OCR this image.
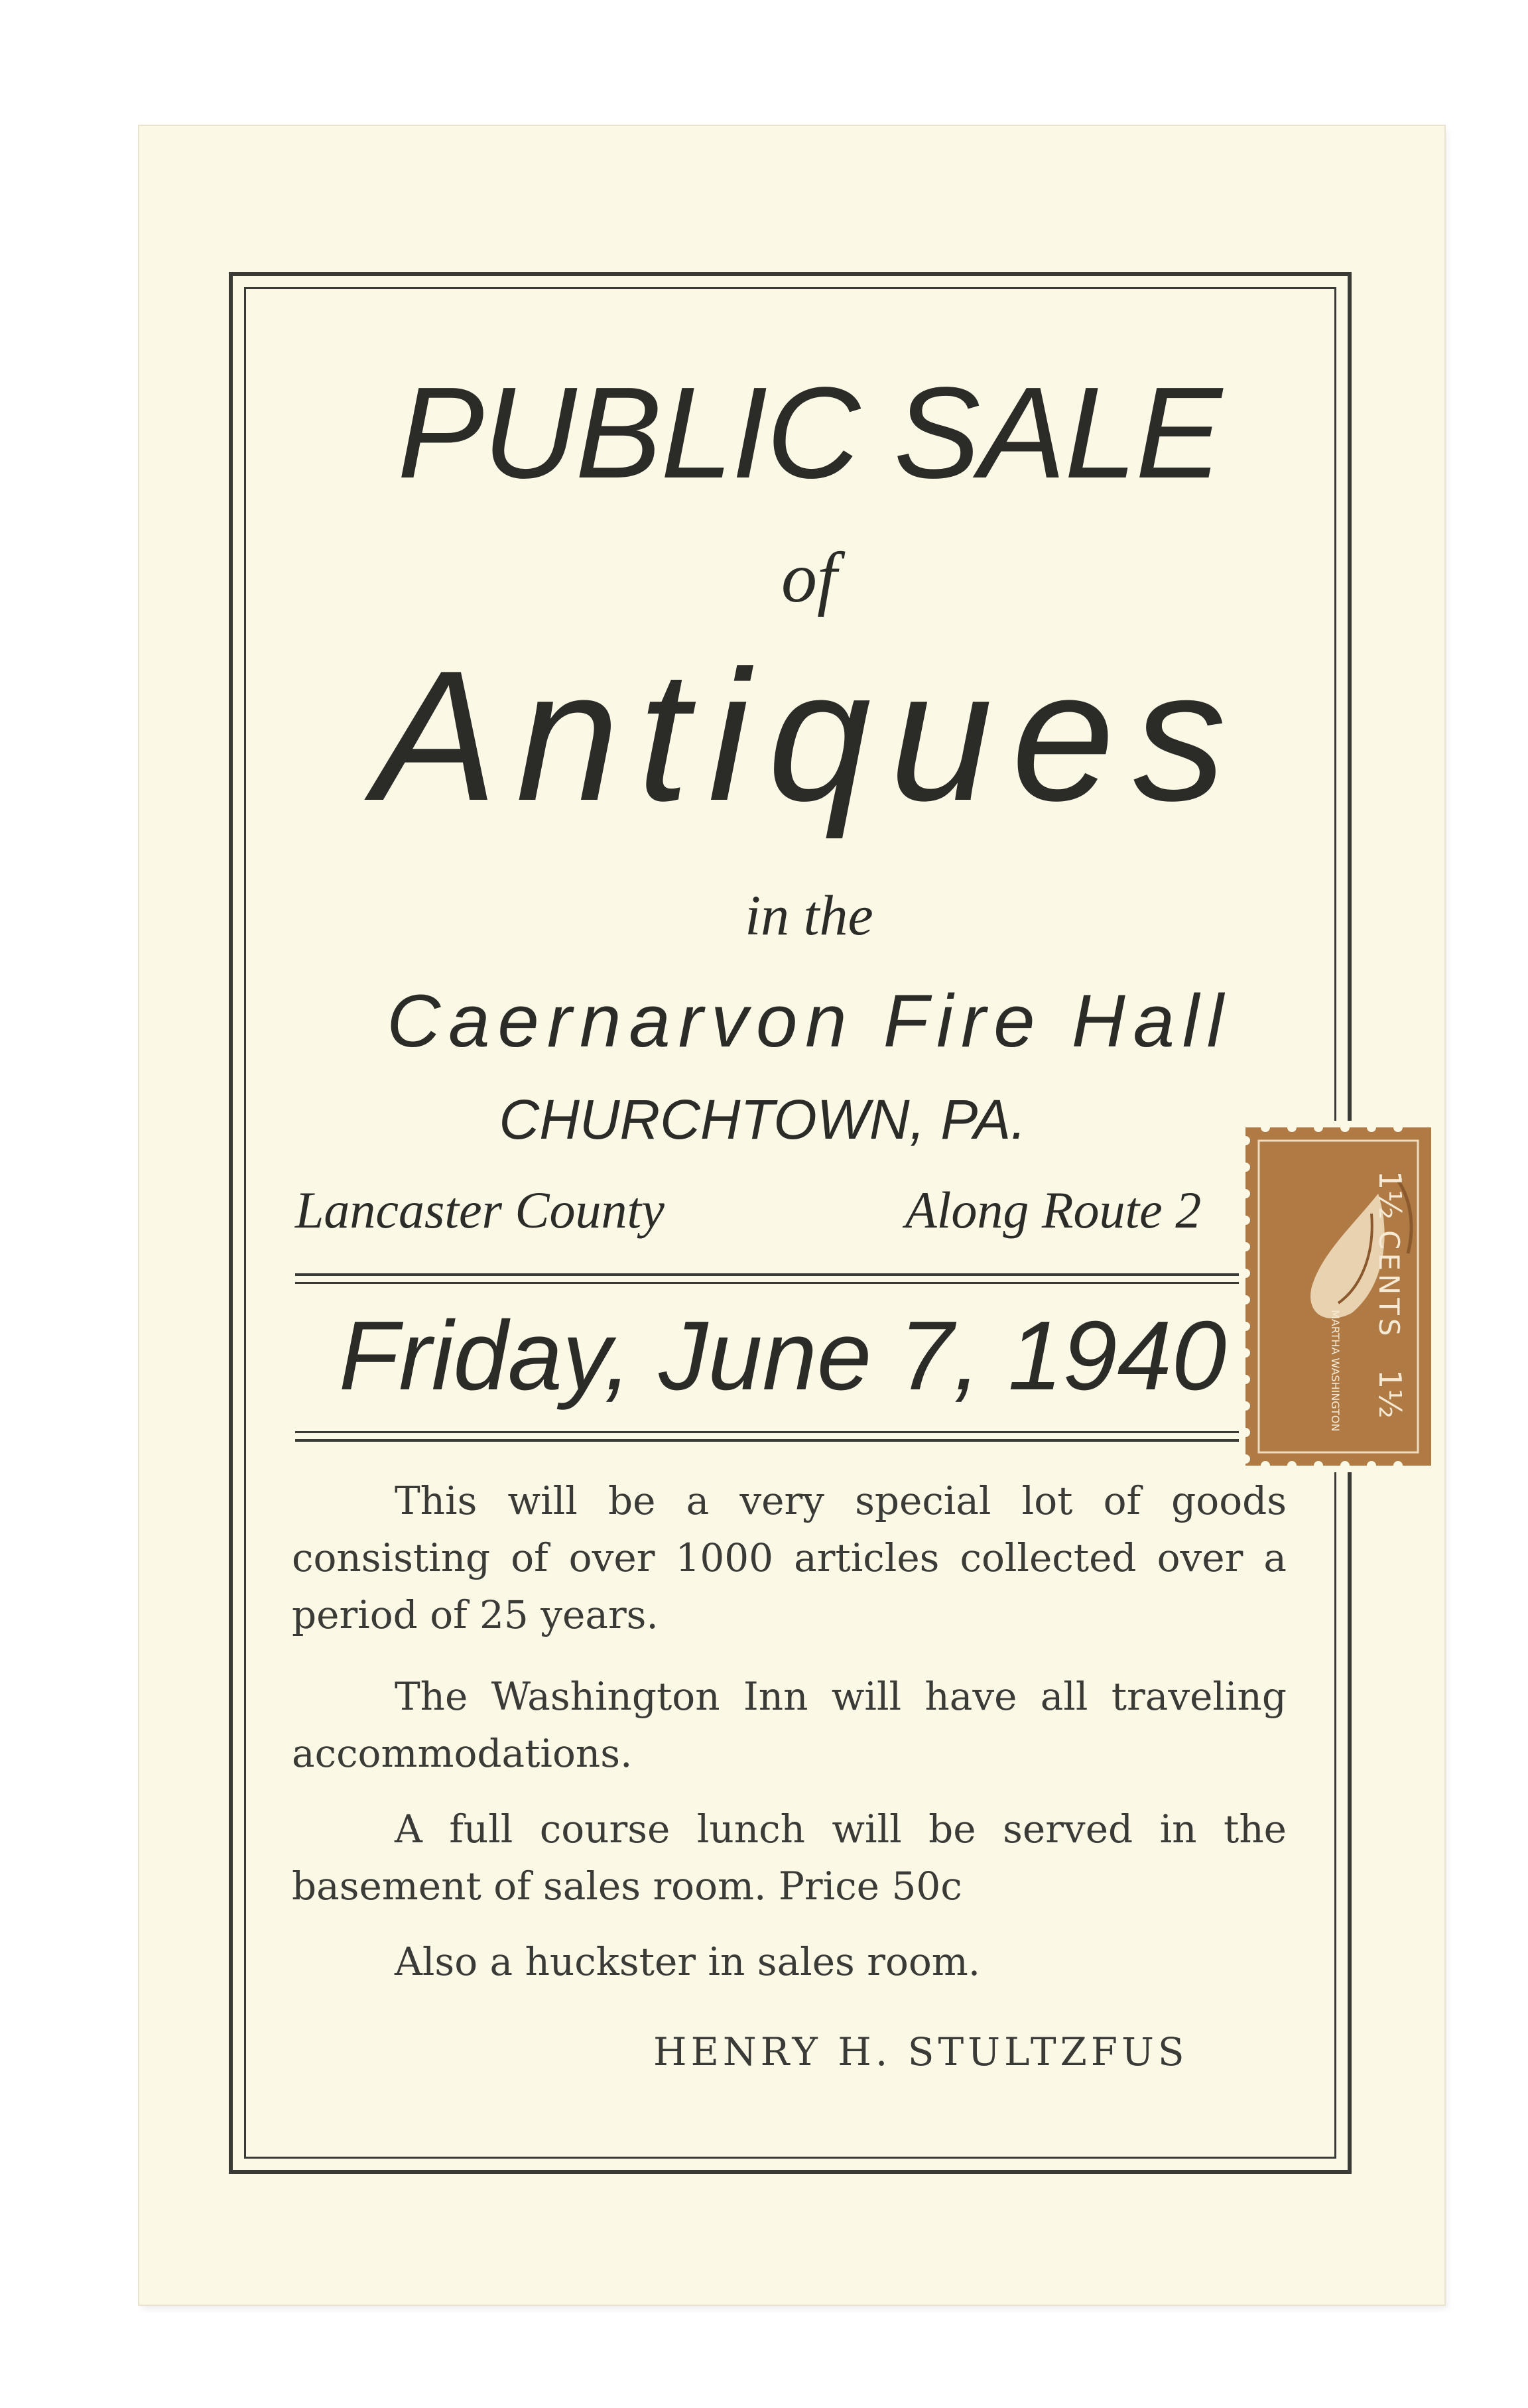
PUBLIC SALE
of
Antiques
in the
Caernarvon Fire Hall
CHURCHTOWN, PA.
Lancaster County	Along Route 2
Friday, June 7, 1940
This will be a very special lot of goods consisting of over 1000 articles collected over a period of 25 years.
The Washington Inn will have all traveling accommodations.
A full course lunch will be served in the basement of sales room. Price 50c
Also a huckster in sales room.
HENRY H. STULTZFUS
1½
CENTS
1½
MARTHA WASHINGTON
